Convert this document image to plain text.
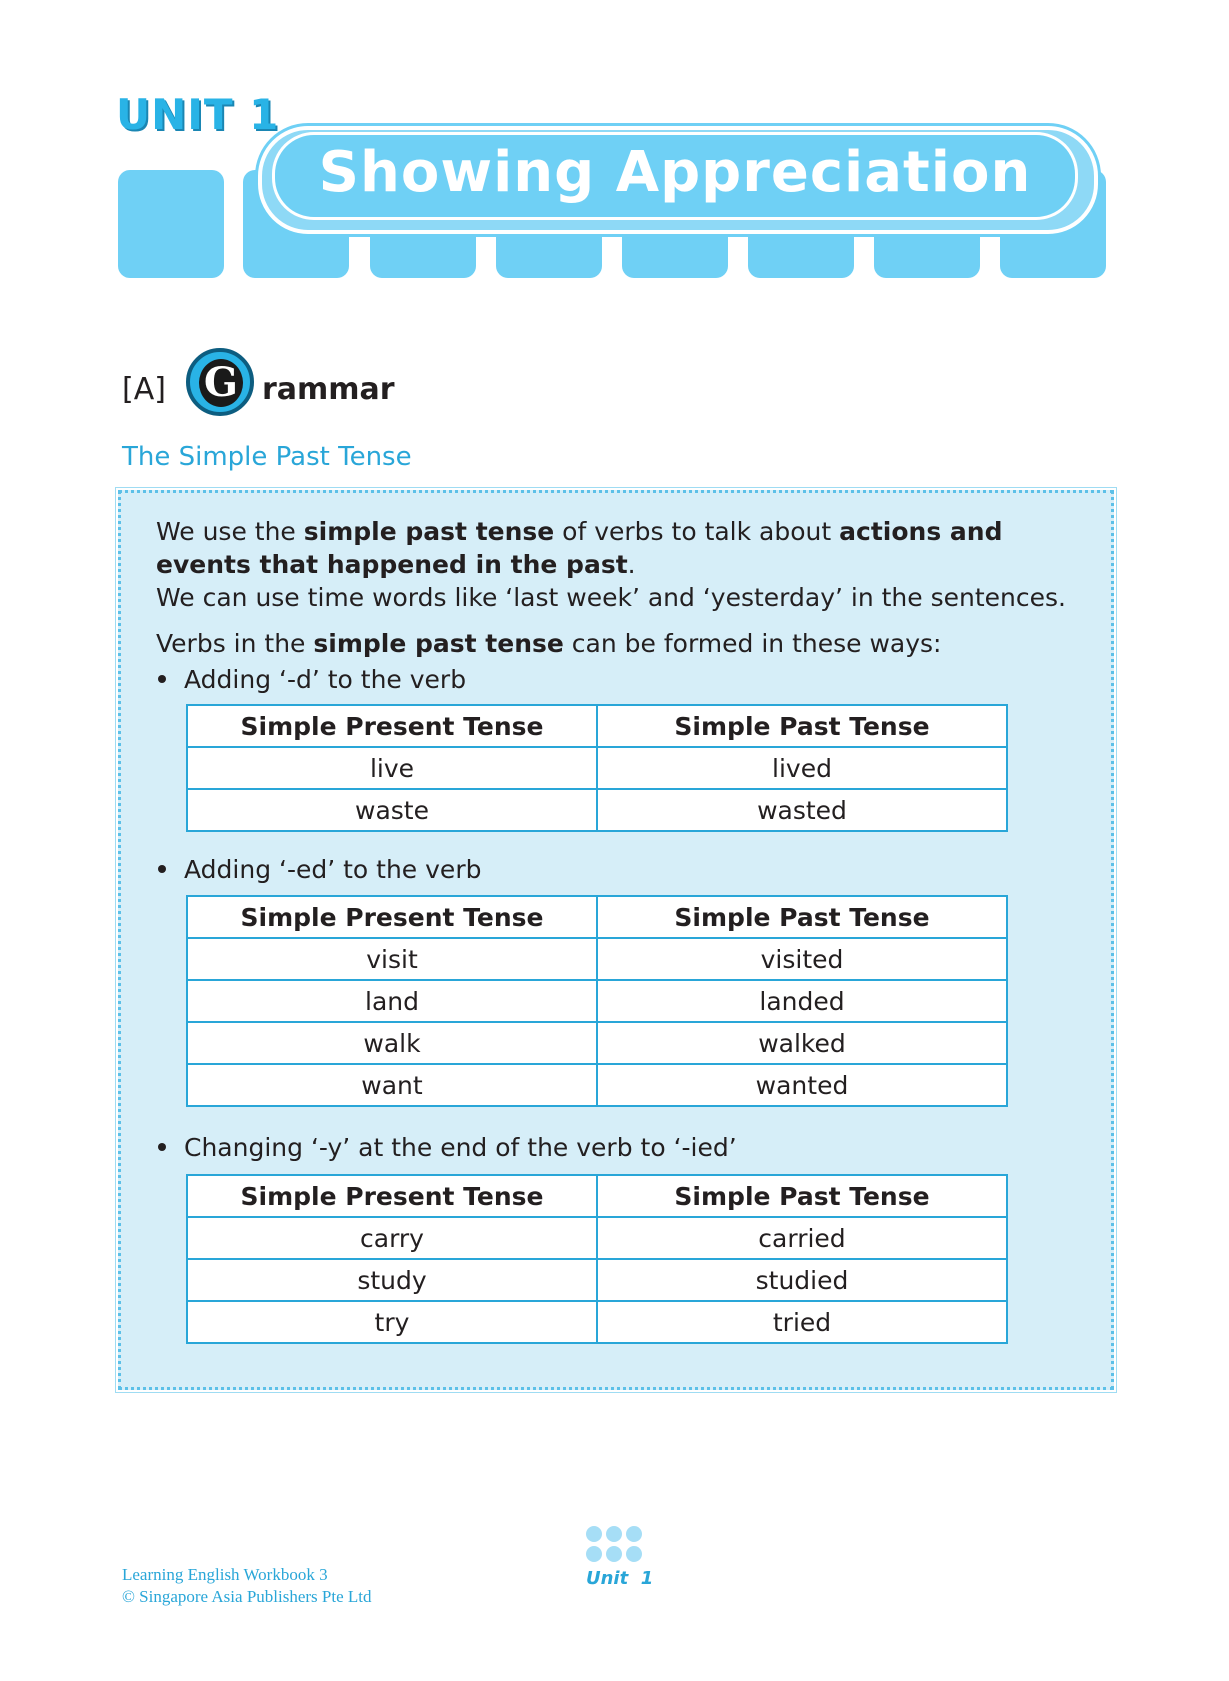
UNIT 1
Showing Appreciation
[A] G rammar
The Simple Past Tense
We use the simple past tense of verbs to talk about actions and events that happened in the past.
We can use time words like ‘last week’ and ‘yesterday’ in the sentences.
Verbs in the simple past tense can be formed in these ways:
Adding ‘-d’ to the verb
Simple Present Tense	Simple Past Tense
live	lived
waste	wasted
Adding ‘-ed’ to the verb
Simple Present Tense	Simple Past Tense
visit	visited
land	landed
walk	walked
want	wanted
Changing ‘-y’ at the end of the verb to ‘-ied’
Simple Present Tense	Simple Past Tense
carry	carried
study	studied
try	tried
Learning English Workbook 3
© Singapore Asia Publishers Pte Ltd
Unit 1
